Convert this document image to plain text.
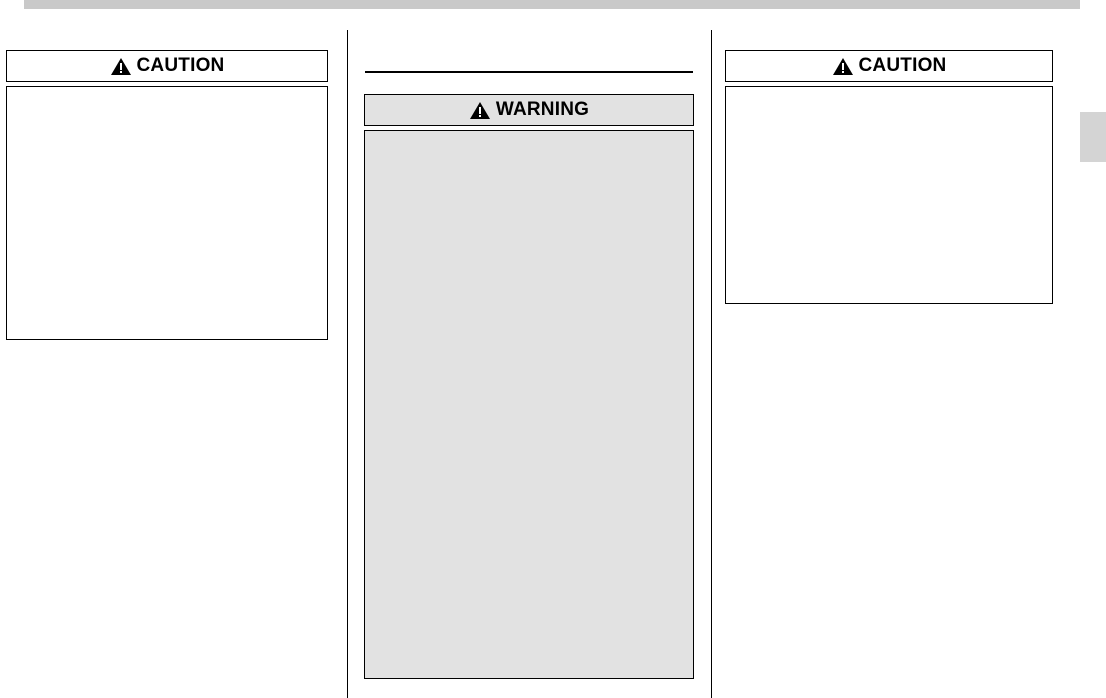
CAUTION
WARNING
CAUTION
